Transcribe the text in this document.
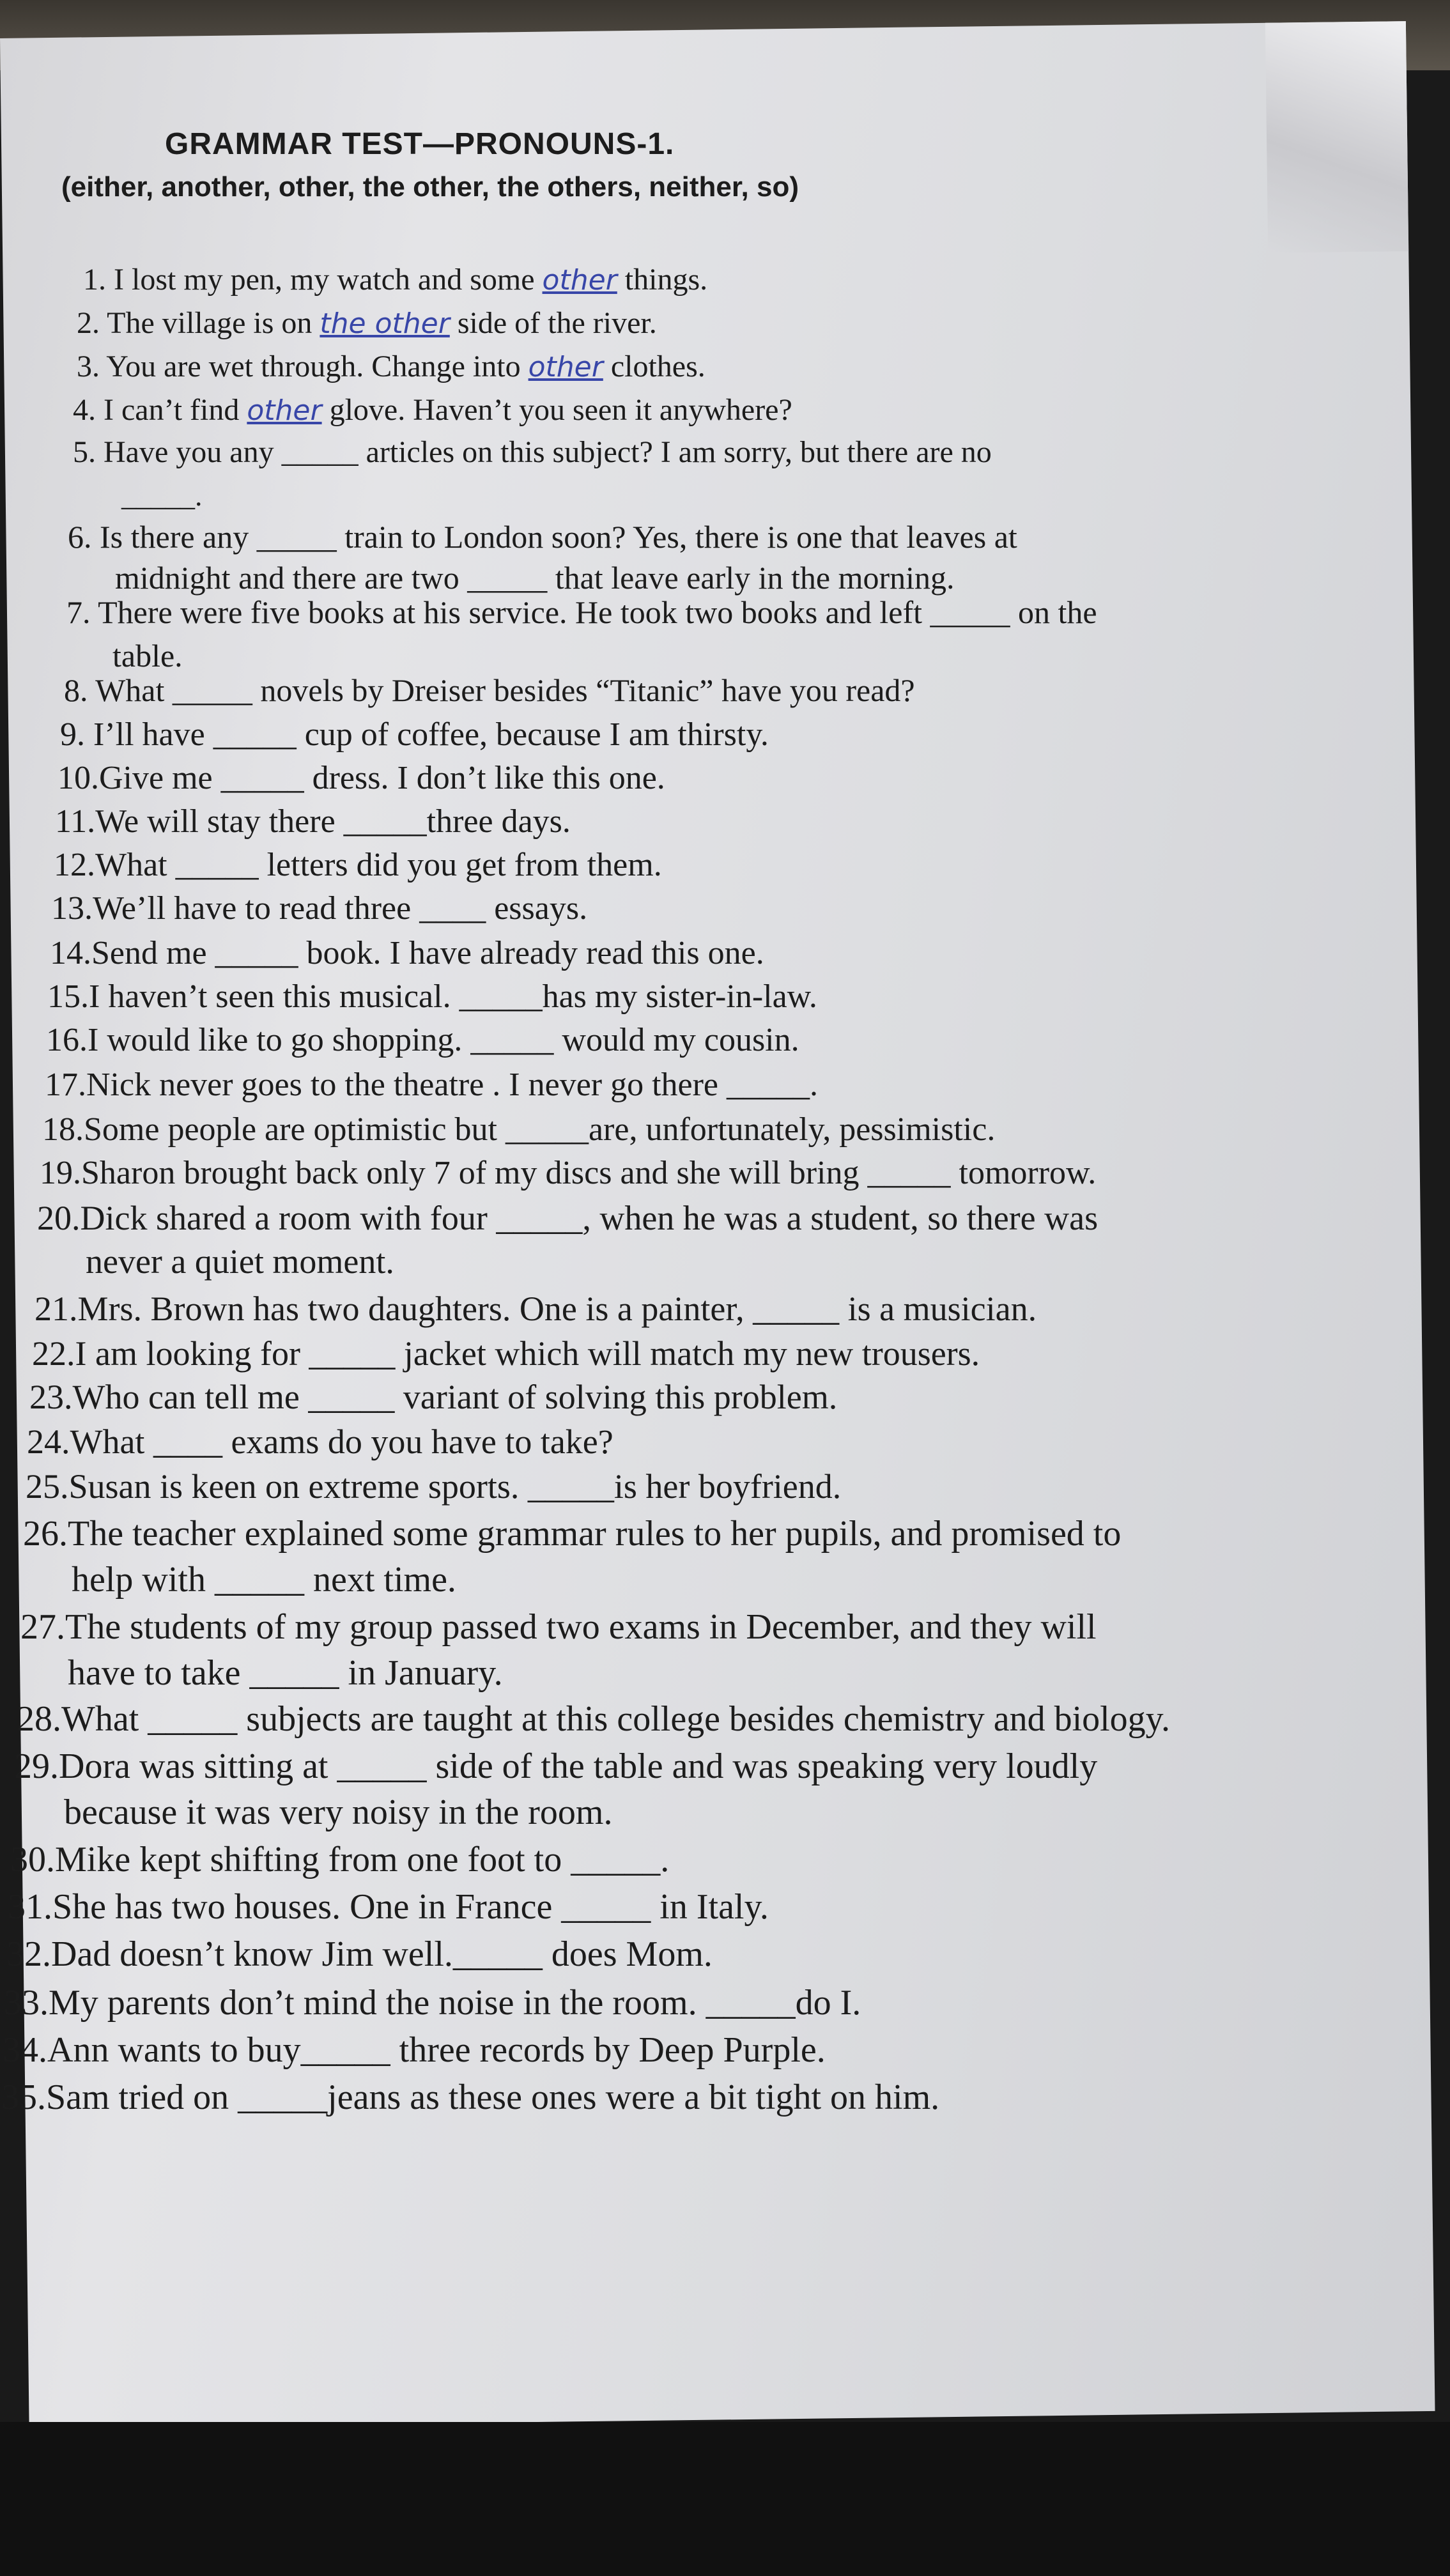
GRAMMAR TEST—PRONOUNS-1.
(either, another, other, the other, the others, neither, so)
1. I lost my pen, my watch and some other things.
2. The village is on the other side of the river.
3. You are wet through. Change into other clothes.
4. I can’t find other glove. Haven’t you seen it anywhere?
5. Have you any _____ articles on this subject? I am sorry, but there are no
_____.
6. Is there any _____ train to London soon? Yes, there is one that leaves at
midnight and there are two _____ that leave early in the morning.
7. There were five books at his service. He took two books and left _____ on the
table.
8. What _____ novels by Dreiser besides “Titanic” have you read?
9. I’ll have _____ cup of coffee, because I am thirsty.
10.Give me _____ dress. I don’t like this one.
11.We will stay there _____three days.
12.What _____ letters did you get from them.
13.We’ll have to read three ____ essays.
14.Send me _____ book. I have already read this one.
15.I haven’t seen this musical. _____has my sister-in-law.
16.I would like to go shopping. _____ would my cousin.
17.Nick never goes to the theatre . I never go there _____.
18.Some people are optimistic but _____are, unfortunately, pessimistic.
19.Sharon brought back only 7 of my discs and she will bring _____ tomorrow.
20.Dick shared a room with four _____, when he was a student, so there was
never a quiet moment.
21.Mrs. Brown has two daughters. One is a painter, _____ is a musician.
22.I am looking for _____ jacket which will match my new trousers.
23.Who can tell me _____ variant of solving this problem.
24.What ____ exams do you have to take?
25.Susan is keen on extreme sports. _____is her boyfriend.
26.The teacher explained some grammar rules to her pupils, and promised to
help with _____ next time.
27.The students of my group passed two exams in December, and they will
have to take _____ in January.
28.What _____ subjects are taught at this college besides chemistry and biology.
29.Dora was sitting at _____ side of the table and was speaking very loudly
because it was very noisy in the room.
30.Mike kept shifting from one foot to _____.
31.She has two houses. One in France _____ in Italy.
32.Dad doesn’t know Jim well._____ does Mom.
33.My parents don’t mind the noise in the room. _____do I.
34.Ann wants to buy_____ three records by Deep Purple.
35.Sam tried on _____jeans as these ones were a bit tight on him.
